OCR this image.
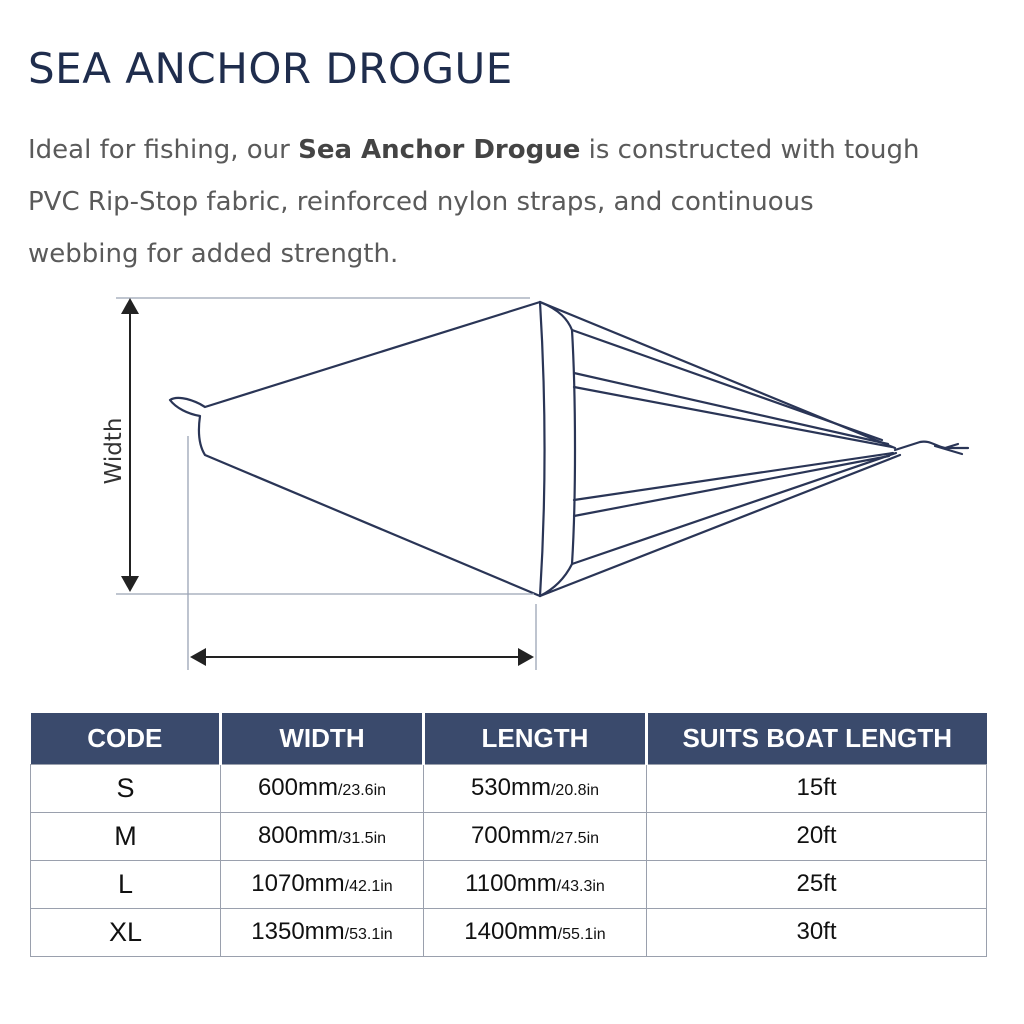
SEA ANCHOR DROGUE
Ideal for fishing, our Sea Anchor Drogue is constructed with tough PVC Rip-Stop fabric, reinforced nylon straps, and continuous webbing for added strength.
Width
CODE	WIDTH	LENGTH	SUITS BOAT LENGTH
S	600mm/23.6in	530mm/20.8in	15ft
M	800mm/31.5in	700mm/27.5in	20ft
L	1070mm/42.1in	1100mm/43.3in	25ft
XL	1350mm/53.1in	1400mm/55.1in	30ft
